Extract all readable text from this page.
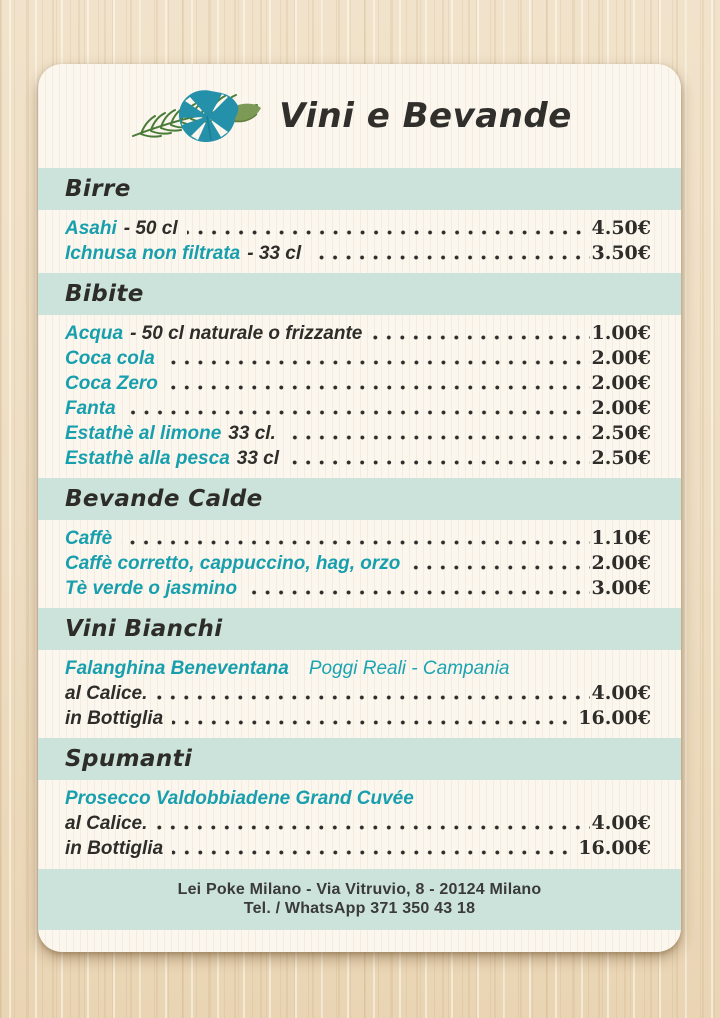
Vini e Bevande
Birre
Asahi - 50 cl	4.50€
Ichnusa non filtrata - 33 cl	3.50€
Bibite
Acqua - 50 cl naturale o frizzante	1.00€
Coca cola	2.00€
Coca Zero	2.00€
Fanta	2.00€
Estathè al limone 33 cl.	2.50€
Estathè alla pesca 33 cl	2.50€
Bevande Calde
Caffè	1.10€
Caffè corretto, cappuccino, hag, orzo	2.00€
Tè verde o jasmino	3.00€
Vini Bianchi
Falanghina Beneventana Poggi Reali - Campania
al Calice.	4.00€
in Bottiglia	16.00€
Spumanti
Prosecco Valdobbiadene Grand Cuvée
al Calice.	4.00€
in Bottiglia	16.00€
Lei Poke Milano - Via Vitruvio, 8 - 20124 Milano
Tel. / WhatsApp 371 350 43 18
